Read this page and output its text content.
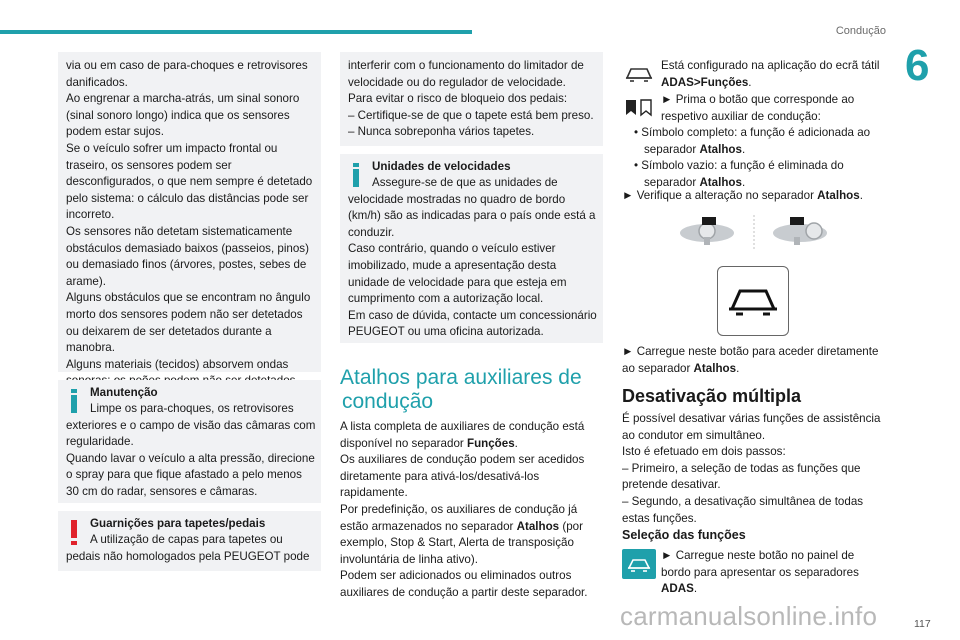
Condução
6
via ou em caso de para-choques e retrovisores danificados.
Ao engrenar a marcha-atrás, um sinal sonoro (sinal sonoro longo) indica que os sensores podem estar sujos.
Se o veículo sofrer um impacto frontal ou traseiro, os sensores podem ser desconfigurados, o que nem sempre é detetado pelo sistema: o cálculo das distâncias pode ser incorreto.
Os sensores não detetam sistematicamente obstáculos demasiado baixos (passeios, pinos) ou demasiado finos (árvores, postes, sebes de arame).
Alguns obstáculos que se encontram no ângulo morto dos sensores podem não ser detetados ou deixarem de ser detetados durante a manobra.
Alguns materiais (tecidos) absorvem ondas
Manutenção
Limpe os para-choques, os retrovisores exteriores e o campo de visão das câmaras com regularidade.
Quando lavar o veículo a alta pressão, direcione o spray para que fique afastado a pelo menos 30 cm do radar, sensores e câmaras.
Guarnições para tapetes/pedais
A utilização de capas para tapetes ou pedais não homologados pela PEUGEOT pode
interferir com o funcionamento do limitador de velocidade ou do regulador de velocidade.
Para evitar o risco de bloqueio dos pedais:
– Certifique-se de que o tapete está bem preso.
– Nunca sobreponha vários tapetes.
Unidades de velocidades
Assegure-se de que as unidades de velocidade mostradas no quadro de bordo (km/h) são as indicadas para o país onde está a conduzir.
Caso contrário, quando o veículo estiver imobilizado, mude a apresentação desta unidade de velocidade para que esteja em cumprimento com a autorização local.
Em caso de dúvida, contacte um concessionário PEUGEOT ou uma oficina autorizada.
Atalhos para auxiliares de
condução
A lista completa de auxiliares de condução está disponível no separador Funções.
Os auxiliares de condução podem ser acedidos diretamente para ativá-los/desativá-los rapidamente.
Por predefinição, os auxiliares de condução já estão armazenados no separador Atalhos (por exemplo, Stop & Start, Alerta de transposição involuntária de linha ativo).
Podem ser adicionados ou eliminados outros auxiliares de condução a partir deste separador.
Está configurado na aplicação do ecrã tátil ADAS>Funções.
► Prima o botão que corresponde ao respetivo auxiliar de condução:
• Símbolo completo: a função é adicionada ao separador Atalhos.
• Símbolo vazio: a função é eliminada do separador Atalhos.
► Verifique a alteração no separador Atalhos.
► Carregue neste botão para aceder diretamente ao separador Atalhos.
Desativação múltipla
É possível desativar várias funções de assistência ao condutor em simultâneo.
Isto é efetuado em dois passos:
– Primeiro, a seleção de todas as funções que pretende desativar.
– Segundo, a desativação simultânea de todas estas funções.
Seleção das funções
► Carregue neste botão no painel de bordo para apresentar os separadores ADAS.
carmanualsonline.info	117
